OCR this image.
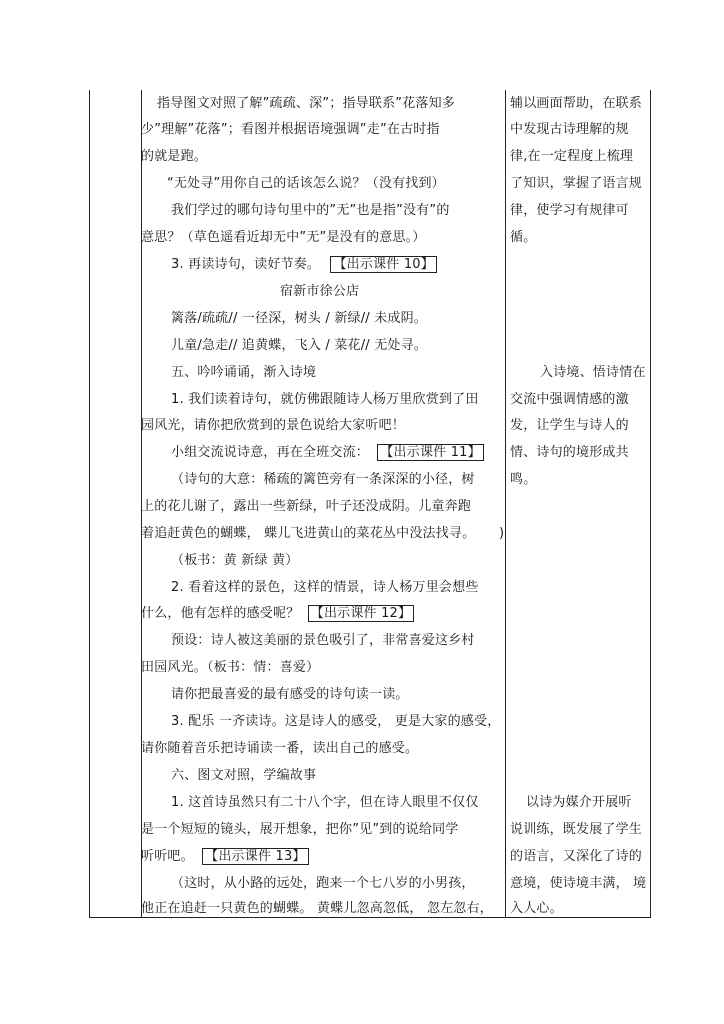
指导图文对照了解”疏疏、深”；指导联系”花落知多
少”理解”花落”；看图并根据语境强调”走”在古时指
的就是跑。
“无处寻”用你自己的话该怎么说？（没有找到）
我们学过的哪句诗句里中的”无”也是指”没有”的
意思？（草色遥看近却无中”无”是没有的意思。）
3. 再读诗句，读好节奏。 【出示课件 10】
宿新市徐公店
篱落/疏疏// 一径深，树头 / 新绿// 未成阴。
儿童/急走// 追黄蝶，飞入 / 菜花// 无处寻。
五、吟吟诵诵，渐入诗境
1. 我们读着诗句，就仿佛跟随诗人杨万里欣赏到了田
园风光，请你把欣赏到的景色说给大家听吧！
小组交流说诗意，再在全班交流： 【出示课件 11】
（诗句的大意：稀疏的篱笆旁有一条深深的小径，树
上的花儿谢了，露出一些新绿，叶子还没成阴。儿童奔跑
着追赶黄色的蝴蝶， 蝶儿飞进黄山的菜花丛中没法找寻。 )
（板书：黄 新绿 黄）
2. 看着这样的景色，这样的情景，诗人杨万里会想些
什么，他有怎样的感受呢？ 【出示课件 12】
预设：诗人被这美丽的景色吸引了，非常喜爱这乡村
田园风光。（板书：情：喜爱）
请你把最喜爱的最有感受的诗句读一读。
3. 配乐 一齐读诗。这是诗人的感受， 更是大家的感受，
请你随着音乐把诗诵读一番，读出自己的感受。
六、图文对照，学编故事
1. 这首诗虽然只有二十八个字，但在诗人眼里不仅仅
是一个短短的镜头，展开想象，把你”见”到的说给同学
听听吧。 【出示课件 13】
（这时，从小路的远处，跑来一个七八岁的小男孩，
他正在追赶一只黄色的蝴蝶。 黄蝶儿忽高忽低， 忽左忽右，
辅以画面帮助，在联系
中发现古诗理解的规
律,在一定程度上梳理
了知识，掌握了语言规
律，使学习有规律可
循。
入诗境、悟诗情在
交流中强调情感的激
发，让学生与诗人的
情、诗句的境形成共
鸣。
以诗为媒介开展听
说训练，既发展了学生
的语言，又深化了诗的
意境，使诗境丰满， 境
入人心。
